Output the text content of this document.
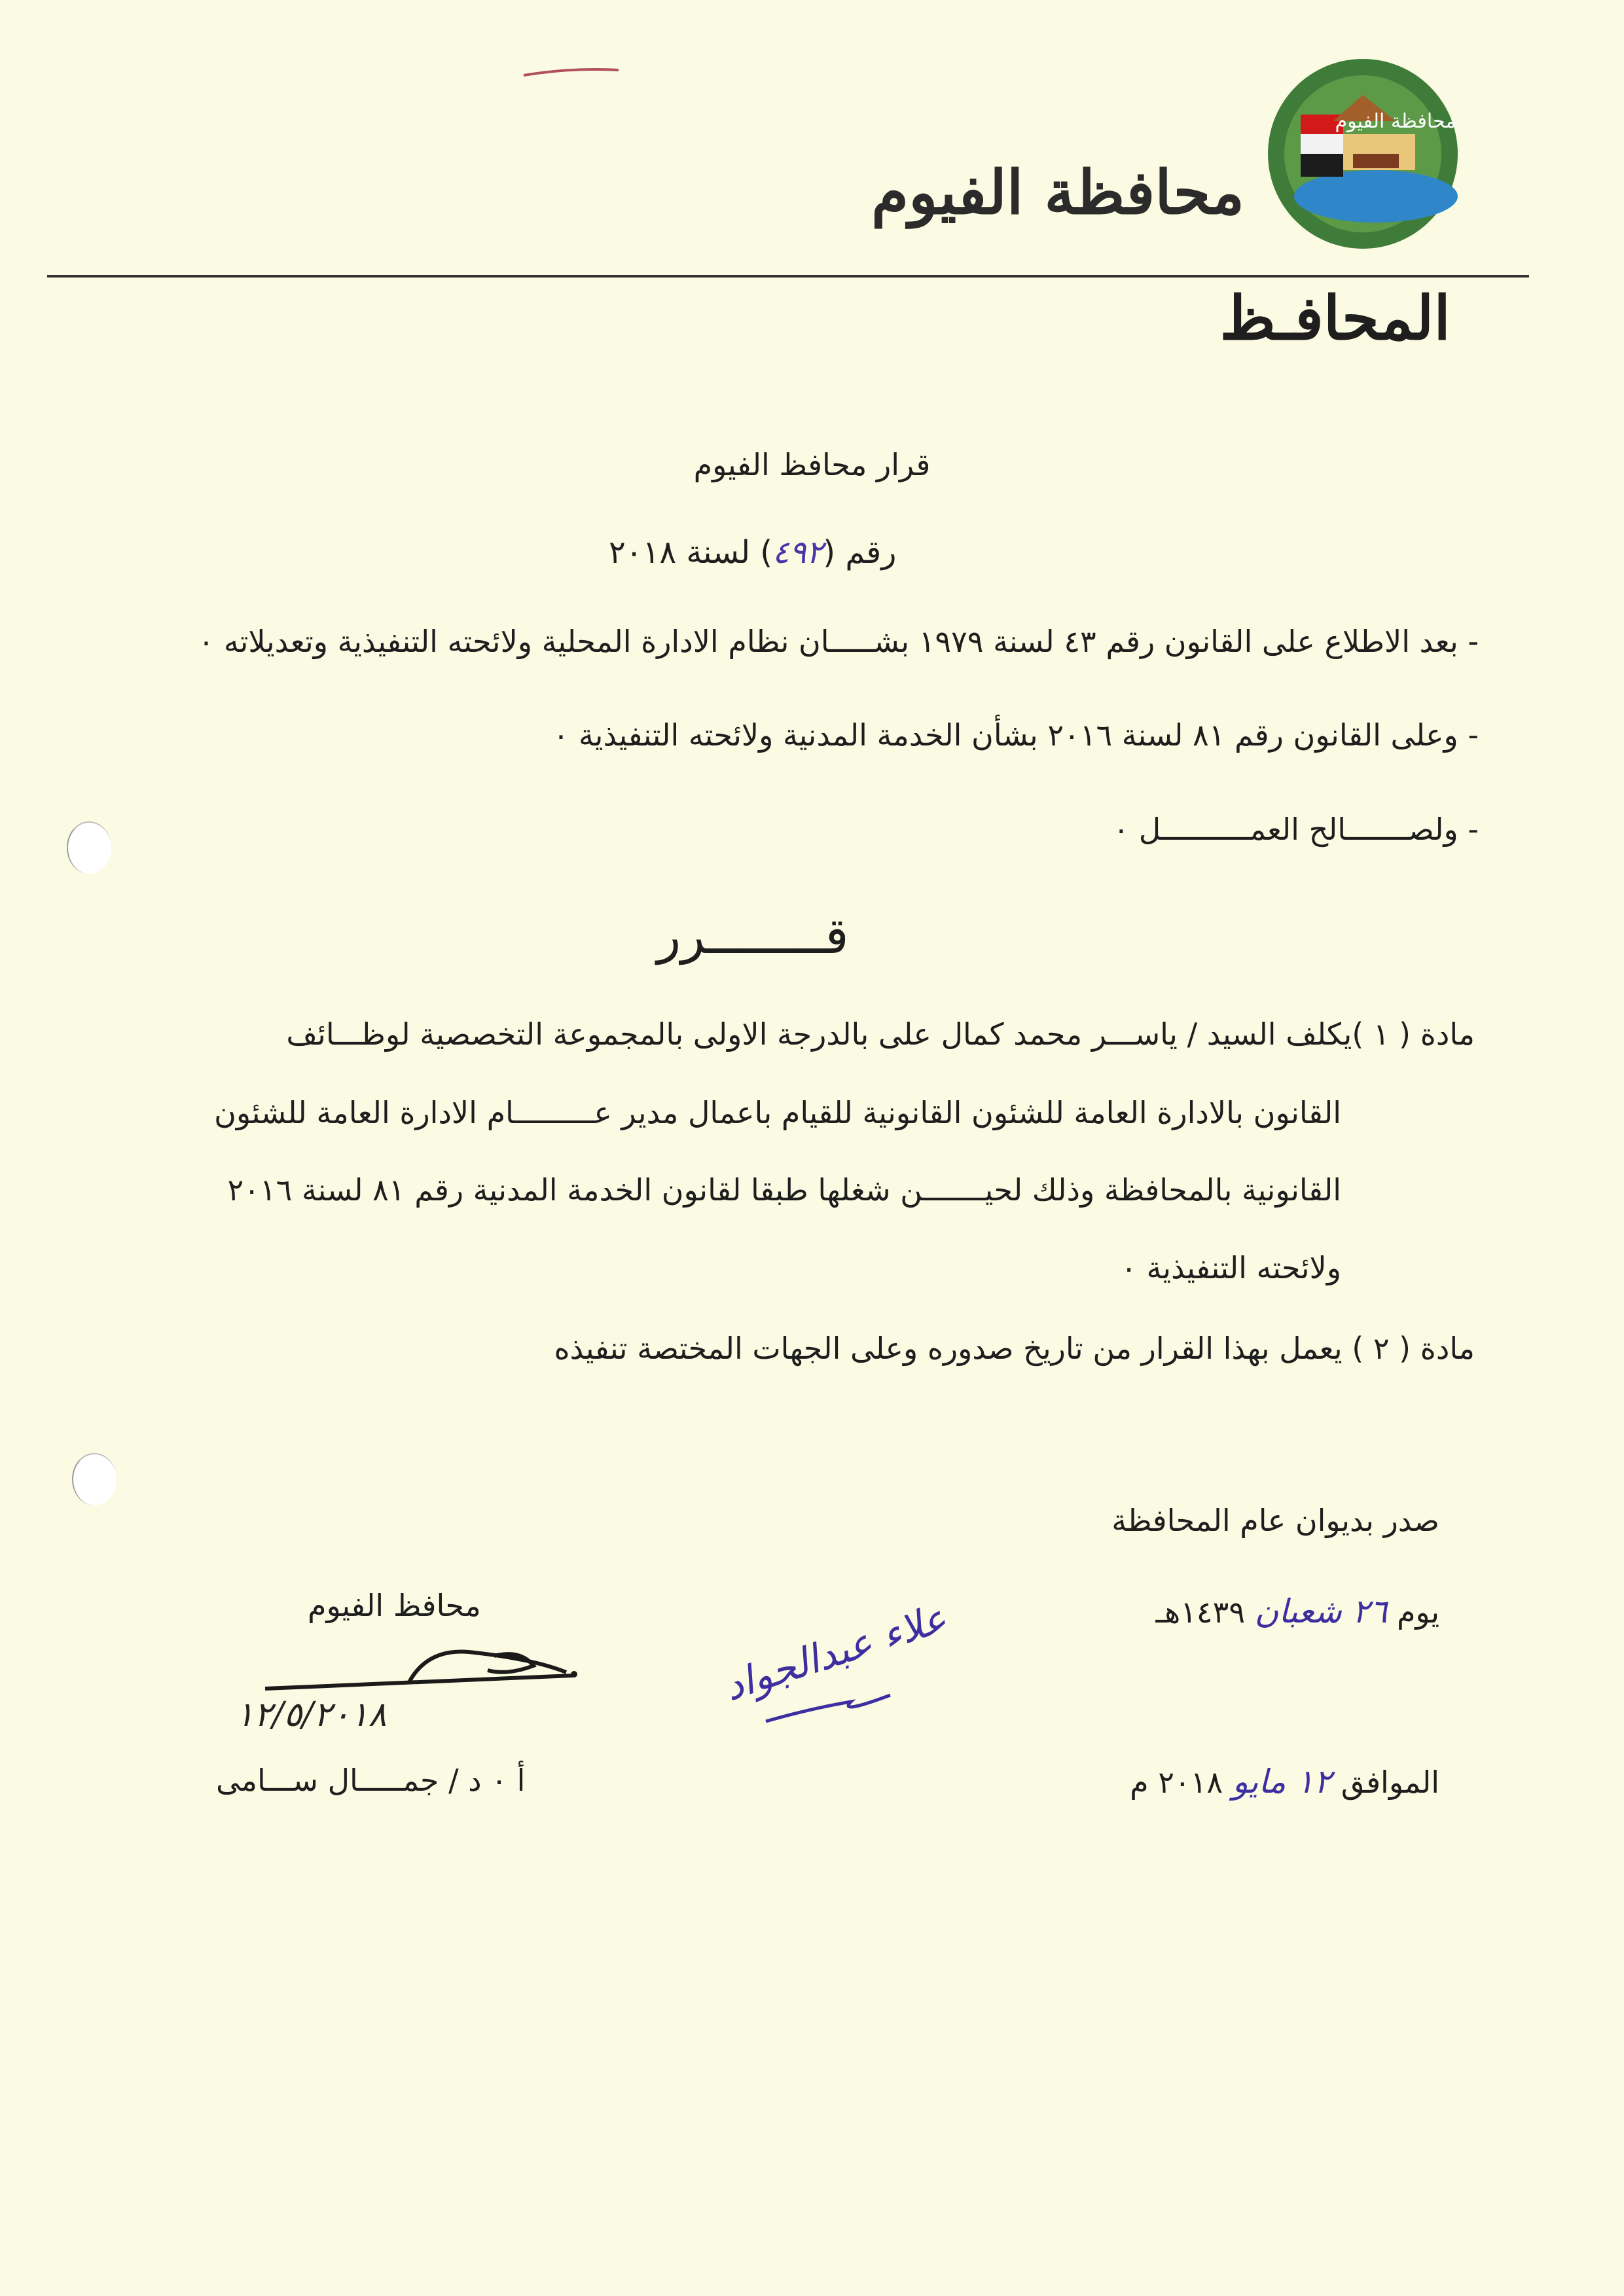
محافظة الفيوم
محافظة الفيوم
المحافـظ
قرار محافظ الفيوم
رقم (٤٩٢) لسنة ٢٠١٨
- بعد الاطلاع على القانون رقم ٤٣ لسنة ١٩٧٩ بشـــــان نظام الادارة المحلية ولائحته التنفيذية وتعديلاته ٠
- وعلى القانون رقم ٨١ لسنة ٢٠١٦ بشأن الخدمة المدنية ولائحته التنفيذية ٠
- ولصـــــــالح العمــــــــــل ٠
قــــــــرر
مادة ( ١ )يكلف السيد / ياســـر محمد كمال على بالدرجة الاولى بالمجموعة التخصصية لوظـــائف
القانون بالادارة العامة للشئون القانونية للقيام باعمال مدير عـــــــــام الادارة العامة للشئون
القانونية بالمحافظة وذلك لحيـــــــن شغلها طبقا لقانون الخدمة المدنية رقم ٨١ لسنة ٢٠١٦
ولائحته التنفيذية ٠
مادة ( ٢ ) يعمل بهذا القرار من تاريخ صدوره وعلى الجهات المختصة تنفيذه
صدر بديوان عام المحافظة
يوم ٢٦ شعبان ١٤٣٩هـ
الموافق ١٢ مايو ٢٠١٨ م
علاء عبدالجواد
محافظ الفيوم
١٢/٥/٢٠١٨
أ ٠ د / جمـــــال ســـامى
